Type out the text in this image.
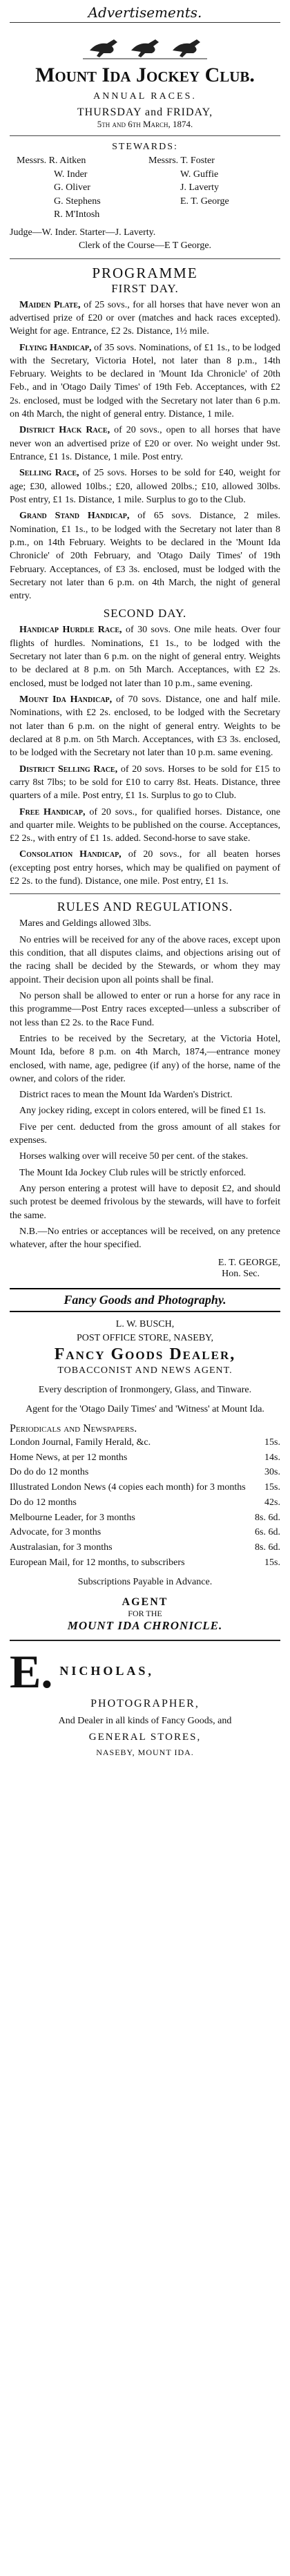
Advertisements.
Mount Ida Jockey Club.
ANNUAL RACES.
THURSDAY and FRIDAY,
5th and 6th March, 1874.
STEWARDS:
Messrs. R. Aitken	Messrs. T. Foster
W. Inder	W. Guffie
G. Oliver	J. Laverty
G. Stephens	E. T. George
R. M'Intosh

Judge—W. Inder. Starter—J. Laverty.

Clerk of the Course—E T George.

PROGRAMME
FIRST DAY.

Maiden Plate, of 25 sovs., for all horses that have never won an advertised prize of £20 or over (matches and hack races excepted). Weight for age. Entrance, £2 2s. Distance, 1½ mile.

Flying Handicap, of 35 sovs. Nominations, of £1 1s., to be lodged with the Secretary, Victoria Hotel, not later than 8 p.m., 14th February. Weights to be declared in 'Mount Ida Chronicle' of 20th Feb., and in 'Otago Daily Times' of 19th Feb. Acceptances, with £2 2s. enclosed, must be lodged with the Secretary not later than 6 p.m. on 4th March, the night of general entry. Distance, 1 mile.

District Hack Race, of 20 sovs., open to all horses that have never won an advertised prize of £20 or over. No weight under 9st. Entrance, £1 1s. Distance, 1 mile. Post entry.

Selling Race, of 25 sovs. Horses to be sold for £40, weight for age; £30, allowed 10lbs.; £20, allowed 20lbs.; £10, allowed 30lbs. Post entry, £1 1s. Distance, 1 mile. Surplus to go to the Club.

Grand Stand Handicap, of 65 sovs. Distance, 2 miles. Nomination, £1 1s., to be lodged with the Secretary not later than 8 p.m., on 14th February. Weights to be declared in the 'Mount Ida Chronicle' of 20th February, and 'Otago Daily Times' of 19th February. Acceptances, of £3 3s. enclosed, must be lodged with the Secretary not later than 6 p.m. on 4th March, the night of general entry.

SECOND DAY.

Handicap Hurdle Race, of 30 sovs. One mile heats. Over four flights of hurdles. Nominations, £1 1s., to be lodged with the Secretary not later than 6 p.m. on the night of general entry. Weights to be declared at 8 p.m. on 5th March. Acceptances, with £2 2s. enclosed, must be lodged not later than 10 p.m., same evening.

Mount Ida Handicap, of 70 sovs. Distance, one and half mile. Nominations, with £2 2s. enclosed, to be lodged with the Secretary not later than 6 p.m. on the night of general entry. Weights to be declared at 8 p.m. on 5th March. Acceptances, with £3 3s. enclosed, to be lodged with the Secretary not later than 10 p.m. same evening.

District Selling Race, of 20 sovs. Horses to be sold for £15 to carry 8st 7lbs; to be sold for £10 to carry 8st. Heats. Distance, three quarters of a mile. Post entry, £1 1s. Surplus to go to Club.

Free Handicap, of 20 sovs., for qualified horses. Distance, one and quarter mile. Weights to be published on the course. Acceptances, £2 2s., with entry of £1 1s. added. Second-horse to save stake.

Consolation Handicap, of 20 sovs., for all beaten horses (excepting post entry horses, which may be qualified on payment of £2 2s. to the fund). Distance, one mile. Post entry, £1 1s.

RULES AND REGULATIONS.

Mares and Geldings allowed 3lbs.

No entries will be received for any of the above races, except upon this condition, that all disputes claims, and objections arising out of the racing shall be decided by the Stewards, or whom they may appoint. Their decision upon all points shall be final.

No person shall be allowed to enter or run a horse for any race in this programme—Post Entry races excepted—unless a subscriber of not less than £2 2s. to the Race Fund.

Entries to be received by the Secretary, at the Victoria Hotel, Mount Ida, before 8 p.m. on 4th March, 1874,—entrance money enclosed, with name, age, pedigree (if any) of the horse, name of the owner, and colors of the rider.

District races to mean the Mount Ida Warden's District.

Any jockey riding, except in colors entered, will be fined £1 1s.

Five per cent. deducted from the gross amount of all stakes for expenses.

Horses walking over will receive 50 per cent. of the stakes.

The Mount Ida Jockey Club rules will be strictly enforced.

Any person entering a protest will have to deposit £2, and should such protest be deemed frivolous by the stewards, will have to forfeit the same.

N.B.—No entries or acceptances will be received, on any pretence whatever, after the hour specified.

E. T. GEORGE,
Hon. Sec.
Fancy Goods and Photography.
L. W. BUSCH,
POST OFFICE STORE, NASEBY,
Fancy Goods Dealer,
TOBACCONIST AND NEWS AGENT.

Every description of Ironmongery, Glass, and Tinware.

Agent for the 'Otago Daily Times' and 'Witness' at Mount Ida.

Periodicals and Newspapers.
London Journal, Family Herald, &c.	15s.
Home News, at per 12 months	14s.
Do do do 12 months	30s.
Illustrated London News (4 copies each month) for 3 months	15s.
Do do 12 months	42s.
Melbourne Leader, for 3 months	8s. 6d.
Advocate, for 3 months	6s. 6d.
Australasian, for 3 months	8s. 6d.
European Mail, for 12 months, to subscribers	15s.

Subscriptions Payable in Advance.

AGENT
FOR THE
MOUNT IDA CHRONICLE.
E. NICHOLAS,
PHOTOGRAPHER,

And Dealer in all kinds of Fancy Goods, and

GENERAL STORES,
NASEBY, MOUNT IDA.
